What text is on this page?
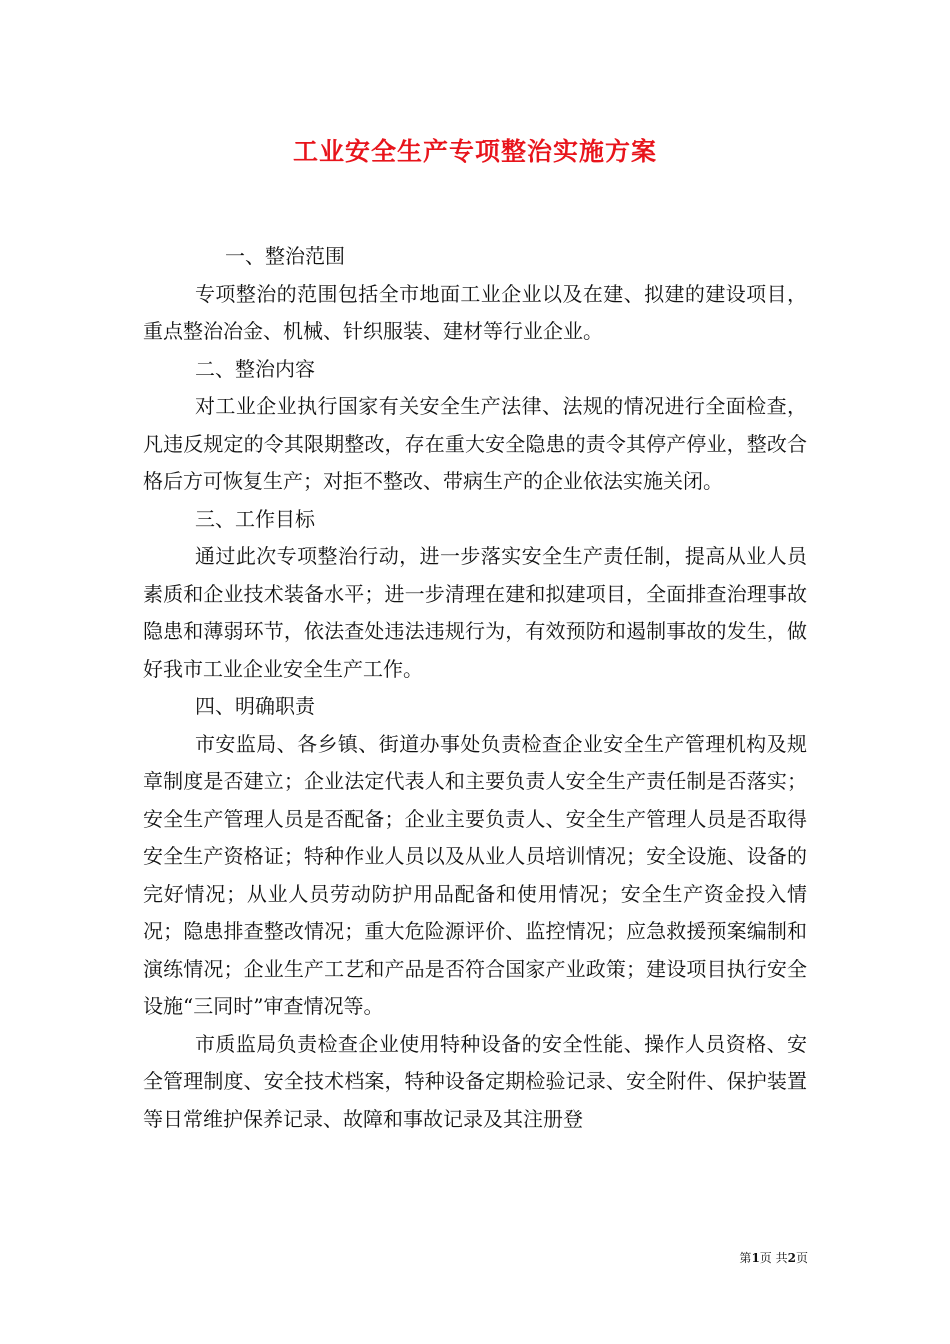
工业安全生产专项整治实施方案

一、整治范围

专项整治的范围包括全市地面工业企业以及在建、拟建的建设项目，重点整治冶金、机械、针织服装、建材等行业企业。

二、整治内容

对工业企业执行国家有关安全生产法律、法规的情况进行全面检查，凡违反规定的令其限期整改，存在重大安全隐患的责令其停产停业，整改合格后方可恢复生产；对拒不整改、带病生产的企业依法实施关闭。

三、工作目标

通过此次专项整治行动，进一步落实安全生产责任制，提高从业人员素质和企业技术装备水平；进一步清理在建和拟建项目，全面排查治理事故隐患和薄弱环节，依法查处违法违规行为，有效预防和遏制事故的发生，做好我市工业企业安全生产工作。

四、明确职责

市安监局、各乡镇、街道办事处负责检查企业安全生产管理机构及规章制度是否建立；企业法定代表人和主要负责人安全生产责任制是否落实；安全生产管理人员是否配备；企业主要负责人、安全生产管理人员是否取得安全生产资格证；特种作业人员以及从业人员培训情况；安全设施、设备的完好情况；从业人员劳动防护用品配备和使用情况；安全生产资金投入情况；隐患排查整改情况；重大危险源评价、监控情况；应急救援预案编制和演练情况；企业生产工艺和产品是否符合国家产业政策；建设项目执行安全设施“三同时”审查情况等。

市质监局负责检查企业使用特种设备的安全性能、操作人员资格、安全管理制度、安全技术档案，特种设备定期检验记录、安全附件、保护装置等日常维护保养记录、故障和事故记录及其注册登

第1页 共2页
